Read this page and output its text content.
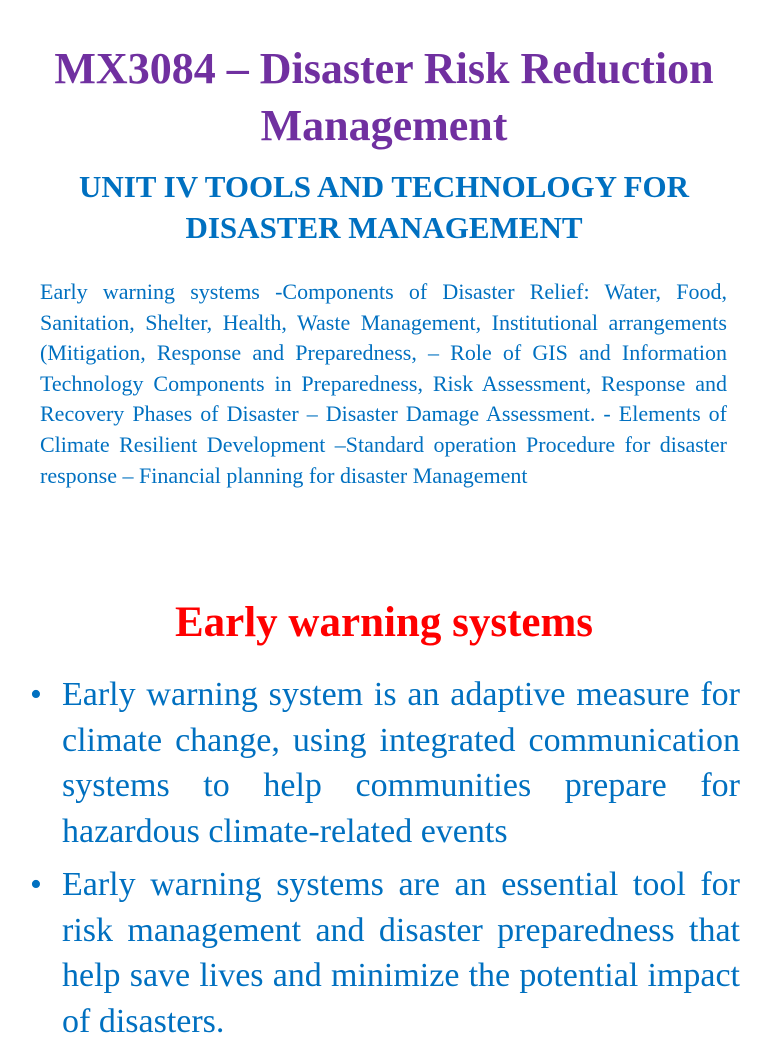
MX3084 – Disaster Risk Reduction Management
UNIT IV TOOLS AND TECHNOLOGY FOR DISASTER MANAGEMENT

Early warning systems -Components of Disaster Relief: Water, Food, Sanitation, Shelter, Health, Waste Management, Institutional arrangements (Mitigation, Response and Preparedness, – Role of GIS and Information Technology Components in Preparedness, Risk Assessment, Response and Recovery Phases of Disaster – Disaster Damage Assessment. - Elements of Climate Resilient Development –Standard operation Procedure for disaster response – Financial planning for disaster Management

Early warning systems
• Early warning system is an adaptive measure for climate change, using integrated communication systems to help communities prepare for hazardous climate-related events
• Early warning systems are an essential tool for risk management and disaster preparedness that help save lives and minimize the potential impact of disasters.
